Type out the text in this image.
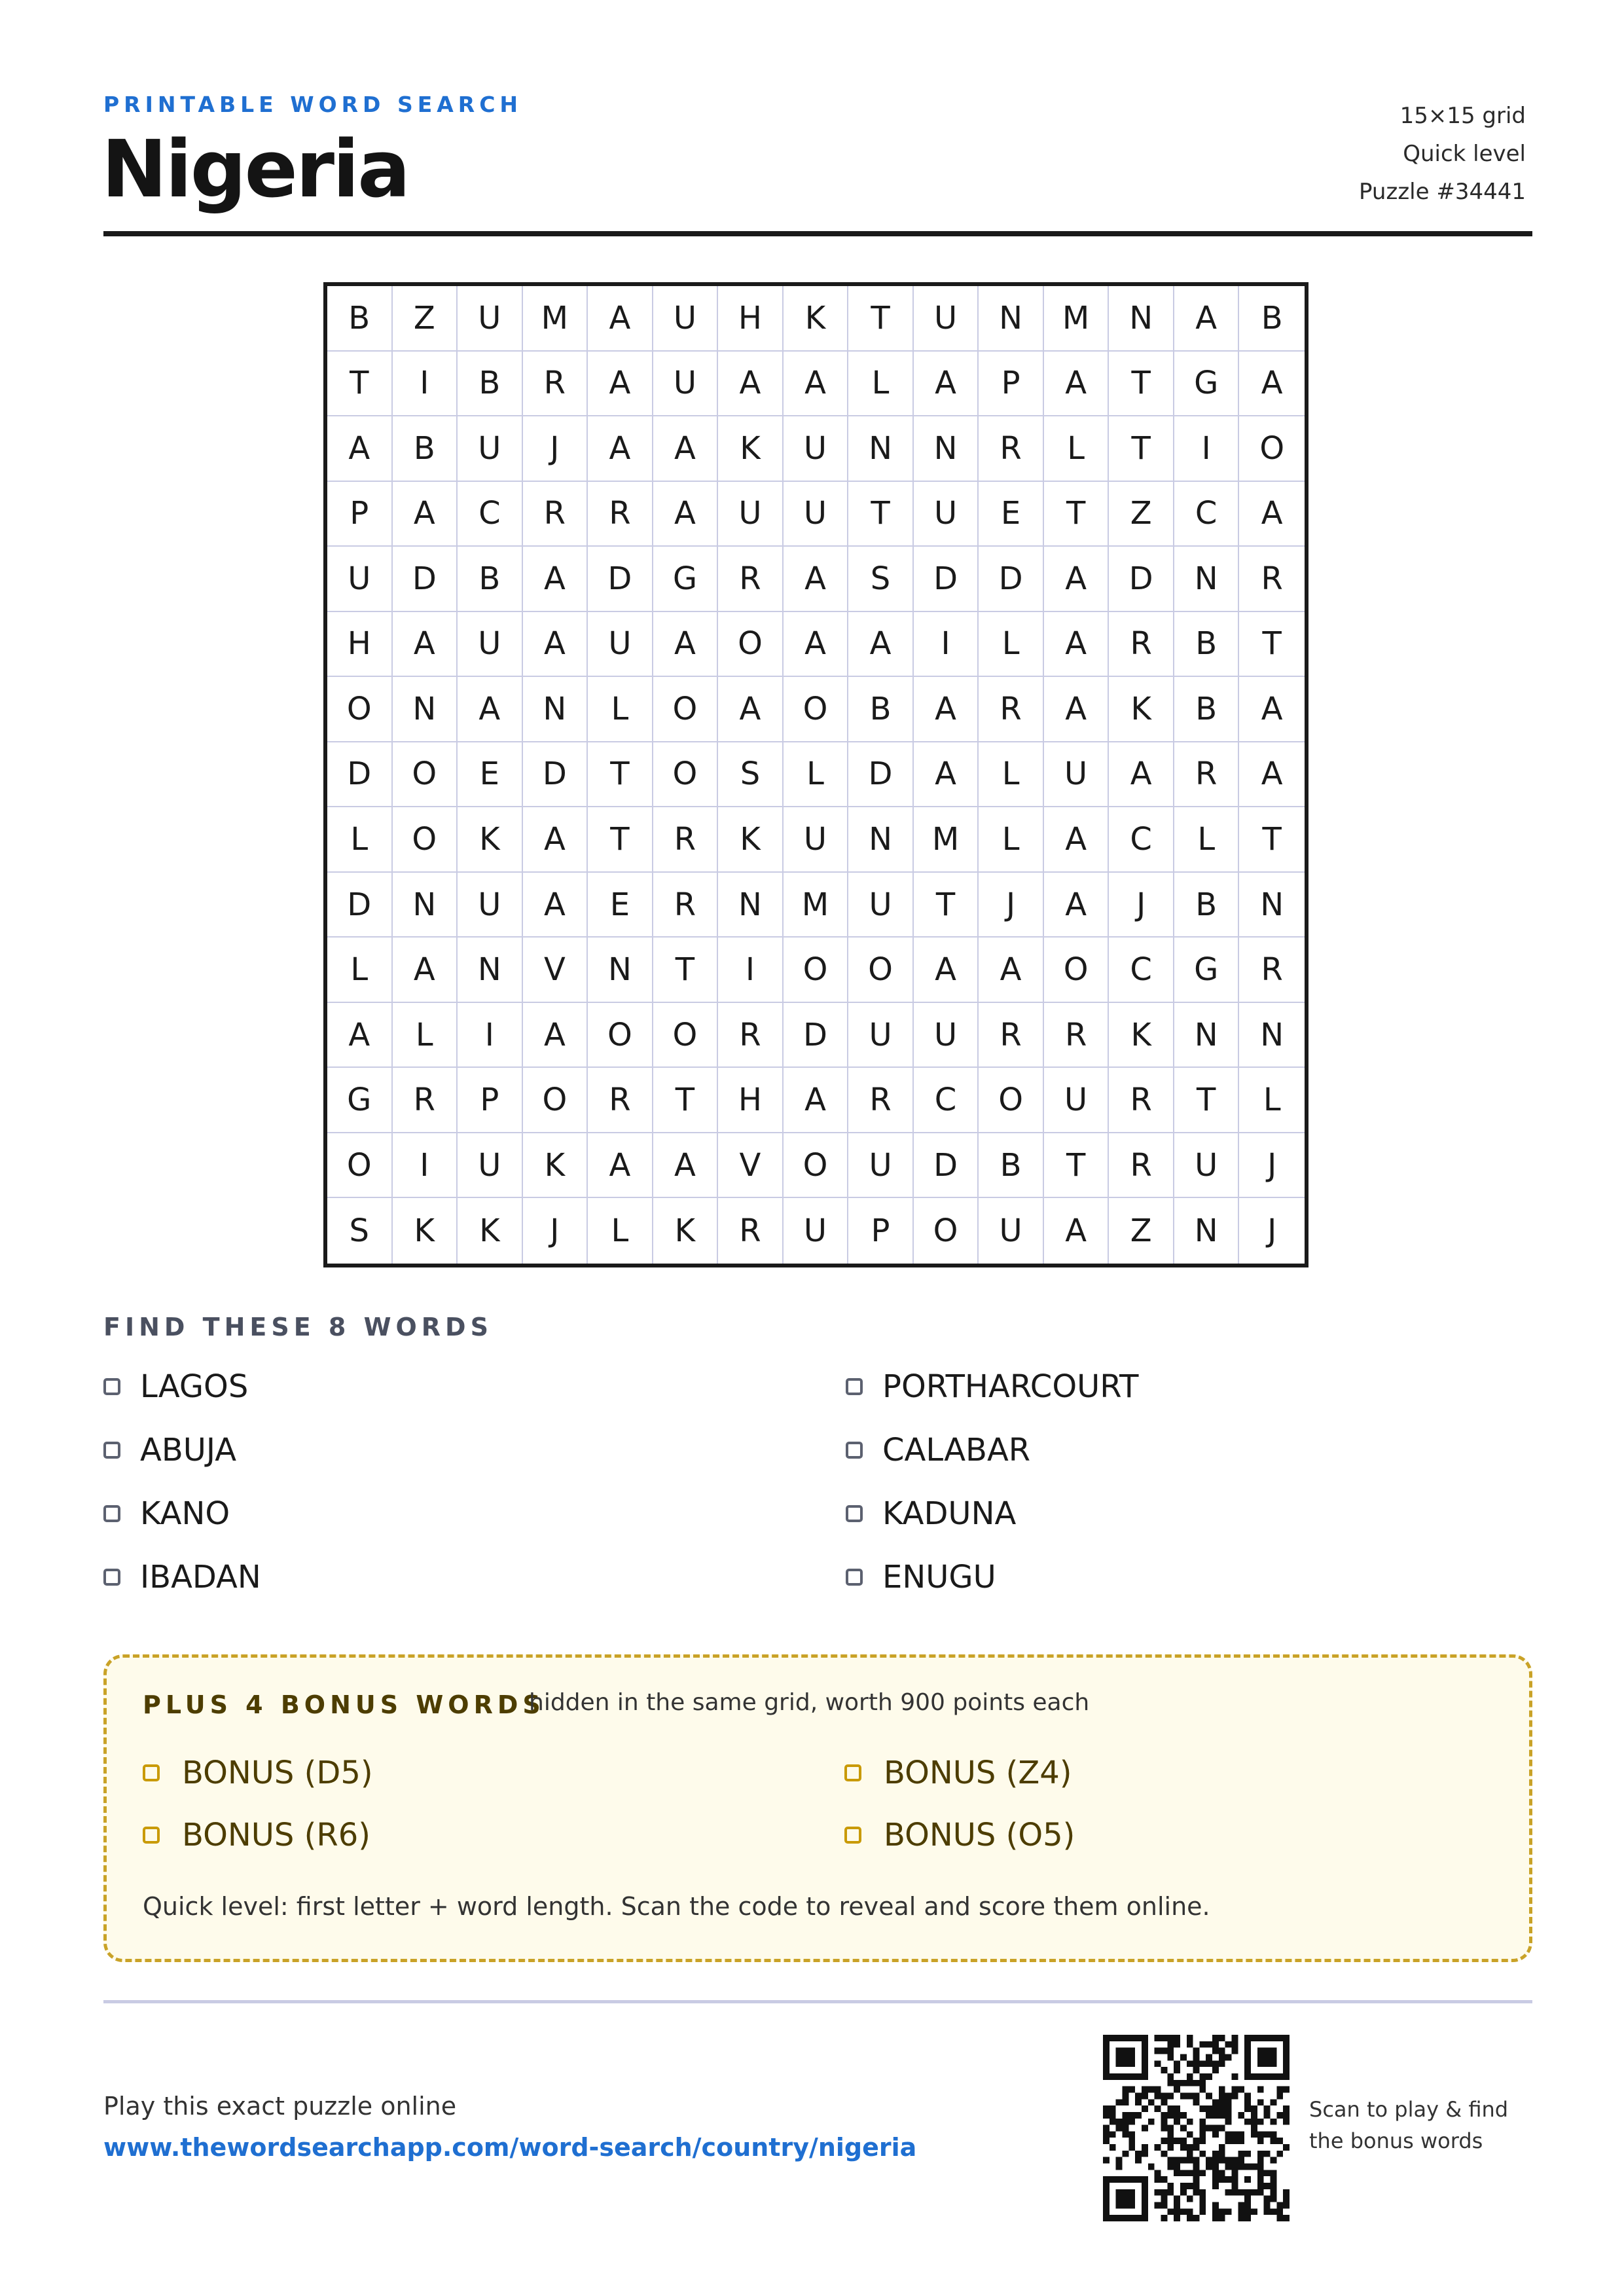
PRINTABLE WORD SEARCH
Nigeria
15×15 grid
Quick level
Puzzle #34441
B	Z	U	M	A	U	H	K	T	U	N	M	N	A	B
T	I	B	R	A	U	A	A	L	A	P	A	T	G	A
A	B	U	J	A	A	K	U	N	N	R	L	T	I	O
P	A	C	R	R	A	U	U	T	U	E	T	Z	C	A
U	D	B	A	D	G	R	A	S	D	D	A	D	N	R
H	A	U	A	U	A	O	A	A	I	L	A	R	B	T
O	N	A	N	L	O	A	O	B	A	R	A	K	B	A
D	O	E	D	T	O	S	L	D	A	L	U	A	R	A
L	O	K	A	T	R	K	U	N	M	L	A	C	L	T
D	N	U	A	E	R	N	M	U	T	J	A	J	B	N
L	A	N	V	N	T	I	O	O	A	A	O	C	G	R
A	L	I	A	O	O	R	D	U	U	R	R	K	N	N
G	R	P	O	R	T	H	A	R	C	O	U	R	T	L
O	I	U	K	A	A	V	O	U	D	B	T	R	U	J
S	K	K	J	L	K	R	U	P	O	U	A	Z	N	J
FIND THESE 8 WORDS
LAGOS
ABUJA
KANO
IBADAN
PORTHARCOURT
CALABAR
KADUNA
ENUGU
PLUS 4 BONUS WORDS
hidden in the same grid, worth 900 points each
BONUS (D5)
BONUS (R6)
BONUS (Z4)
BONUS (O5)
Quick level: first letter + word length. Scan the code to reveal and score them online.
Play this exact puzzle online
www.thewordsearchapp.com/word-search/country/nigeria
Scan to play & find
the bonus words
